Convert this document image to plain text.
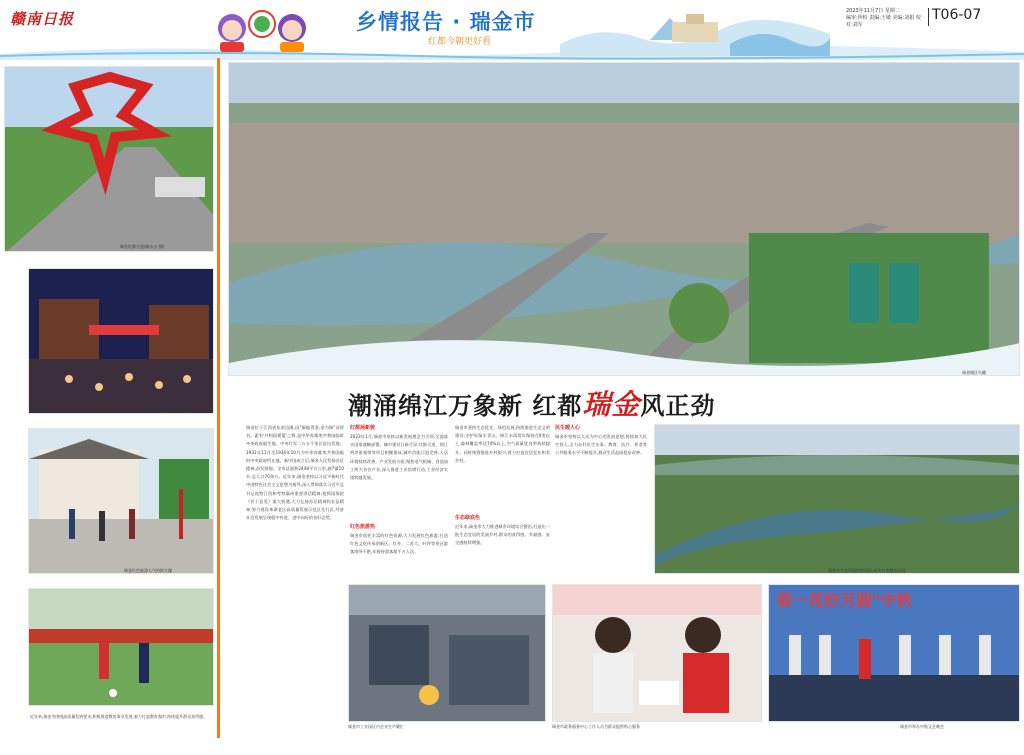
赣南日报	乡情报告 · 瑞金市
红都今朝更好看
2023年11月7日 星期二
编审:钟桓 责编:王敏 美编:刘娟 校对:刘军
T06-07
瑞金红都大道(赖永万 摄)
瑞金红井街区游人如织
瑞金红色旅游人气持续火爆
近年来,瑞金市围绕高质量发展要求,积极推进教育事业发展,着力打造教育强市,持续提升群众获得感。
瑞金城区鸟瞰
潮涌绵江万象新 红都瑞金风正劲
瑞金位于江西省东南边陲,因"掘地得金,金为瑞"而得名。素有'共和国摇篮'之称,是中华苏维埃共和国临时中央政府诞生地、中央红军二万五千里长征出发地。1931年11月至1934年10月为中华苏维埃共和国临时中央政府所在地。新中国成立后,瑞金人民发扬苏区精神,奋发图强。全市总面积2448平方公里,辖7镇10乡,总人口70余万。近年来,瑞金坚持以习近平新时代中国特色社会主义思想为指导,深入贯彻落实习近平总书记视察江西和考察赣州重要讲话精神,抢抓国务院《若干意见》重大机遇,大力弘扬苏区精神和长征精神,努力建设革命老区高质量发展示范区先行区,经济社会发展呈现稳中有进、进中向好的良好态势。
红都展新貌
2023年1月,瑞金市坚持以新发展理念为引领,全面落实国家战略部署。城市建设日新月异,红都大道、绵江两岸景观带等项目相继建成,城市功能日趋完善,人居环境持续改善。产业发展方面,聚焦电气机械、食品加工两大首位产业,深入推进工业倍增行动,工业经济实现跨越发展。
红色旅游热
瑞金市依托丰富的红色资源,大力发展红色旅游,打造红色文化传承创新区。红井、二苏大、叶坪等景区游客络绎不绝,年接待游客超千万人次。
瑞金市坚持生态优先、绿色发展,持续推进生态文明建设,守护好绿水青山。绵江水质常年保持在Ⅱ类以上,森林覆盖率达74%以上,空气质量优良率持续提升。同时统筹推进乡村振兴,着力打造宜居宜业和美乡村。
生态绿底色
近年来,瑞金市大力推进城乡环境综合整治,打造出一批生态宜居的美丽乡村,群众的获得感、幸福感、安全感持续增强。
民生暖人心
瑞金市坚持以人民为中心的发展思想,持续加大民生投入,全力办好民生实事。教育、医疗、养老等公共服务水平不断提升,群众生活品质稳步改善。
瑞金市生态环境持续向好,成为鸟类栖息乐园
瑞金市工业园区内企业生产繁忙	瑞金市政务服务中心工作人员为群众提供贴心服务
看一花好月圆"中秋
瑞金市举办中秋文艺晚会
